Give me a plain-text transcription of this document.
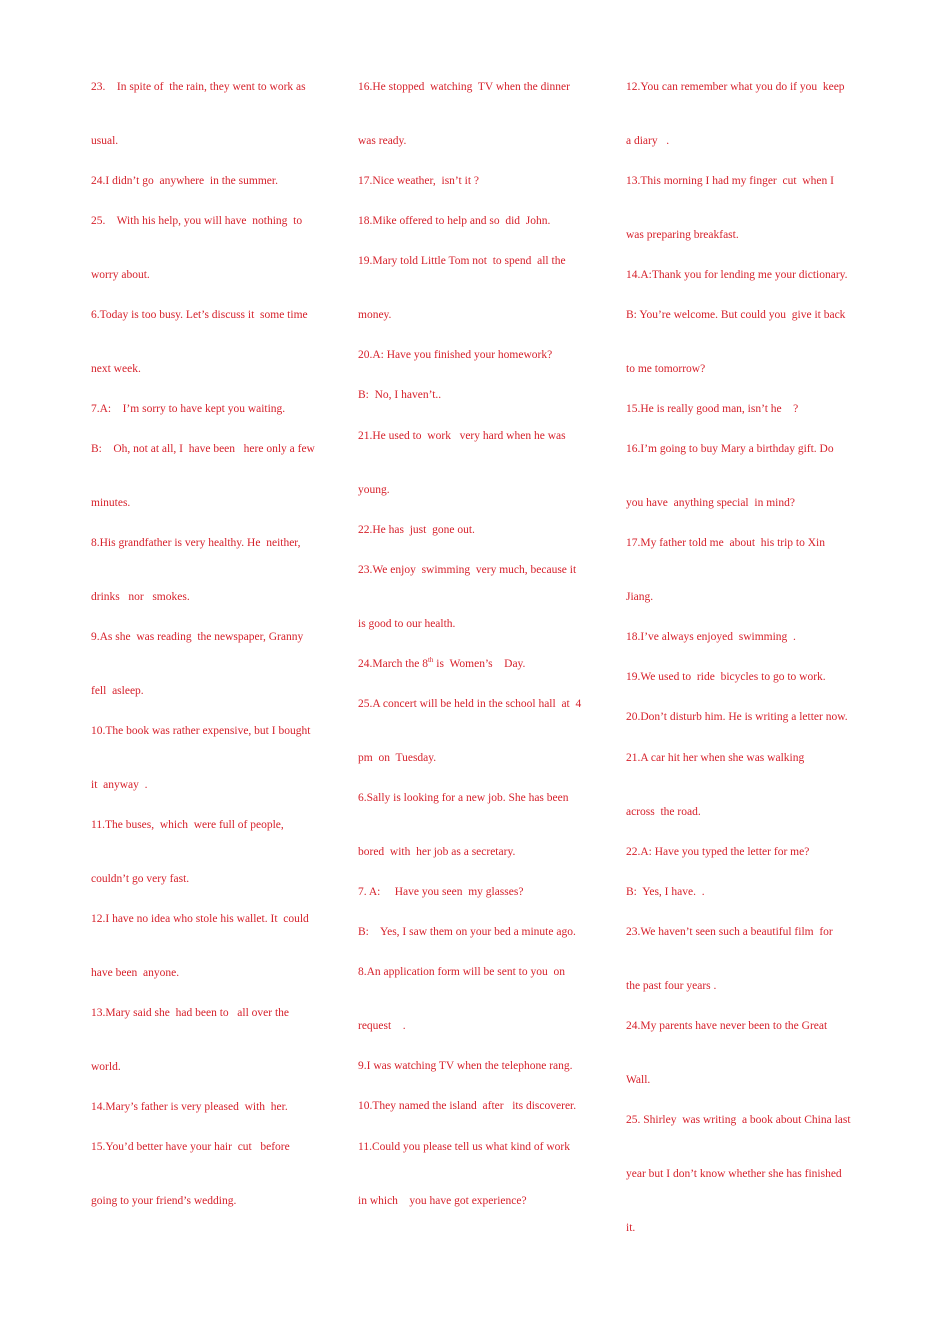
23.    In spite of  the rain, they went to work as
usual.
24.I didn’t go  anywhere  in the summer.
25.    With his help, you will have  nothing  to
worry about.
6.Today is too busy. Let’s discuss it  some time
next week.
7.A:    I’m sorry to have kept you waiting.
B:    Oh, not at all, I  have been   here only a few
minutes.
8.His grandfather is very healthy. He  neither,
drinks   nor   smokes.
9.As she  was reading  the newspaper, Granny
fell  asleep.
10.The book was rather expensive, but I bought
it  anyway  .
11.The buses,  which  were full of people,
couldn’t go very fast.
12.I have no idea who stole his wallet. It  could
have been  anyone.
13.Mary said she  had been to   all over the
world.
14.Mary’s father is very pleased  with  her.
15.You’d better have your hair  cut   before
going to your friend’s wedding.
16.He stopped  watching  TV when the dinner
was ready.
17.Nice weather,  isn’t it ?
18.Mike offered to help and so  did  John.
19.Mary told Little Tom not  to spend  all the
money.
20.A: Have you finished your homework?
B:  No, I haven’t..
21.He used to  work   very hard when he was
young.
22.He has  just  gone out.
23.We enjoy  swimming  very much, because it
is good to our health.
24.March the 8th is  Women’s    Day.
25.A concert will be held in the school hall  at  4
pm  on  Tuesday.
6.Sally is looking for a new job. She has been
bored  with  her job as a secretary.
7. A:     Have you seen  my glasses?
B:    Yes, I saw them on your bed a minute ago.
8.An application form will be sent to you  on
request    .
9.I was watching TV when the telephone rang.
10.They named the island  after   its discoverer.
11.Could you please tell us what kind of work
in which    you have got experience?
12.You can remember what you do if you  keep
a diary   .
13.This morning I had my finger  cut  when I
was preparing breakfast.
14.A:Thank you for lending me your dictionary.
B: You’re welcome. But could you  give it back
to me tomorrow?
15.He is really good man, isn’t he    ?
16.I’m going to buy Mary a birthday gift. Do
you have  anything special  in mind?
17.My father told me  about  his trip to Xin
Jiang.
18.I’ve always enjoyed  swimming  .
19.We used to  ride  bicycles to go to work.
20.Don’t disturb him. He is writing a letter now.
21.A car hit her when she was walking
across  the road.
22.A: Have you typed the letter for me?
B:  Yes, I have.  .
23.We haven’t seen such a beautiful film  for
the past four years .
24.My parents have never been to the Great
Wall.
25. Shirley  was writing  a book about China last
year but I don’t know whether she has finished
it.
